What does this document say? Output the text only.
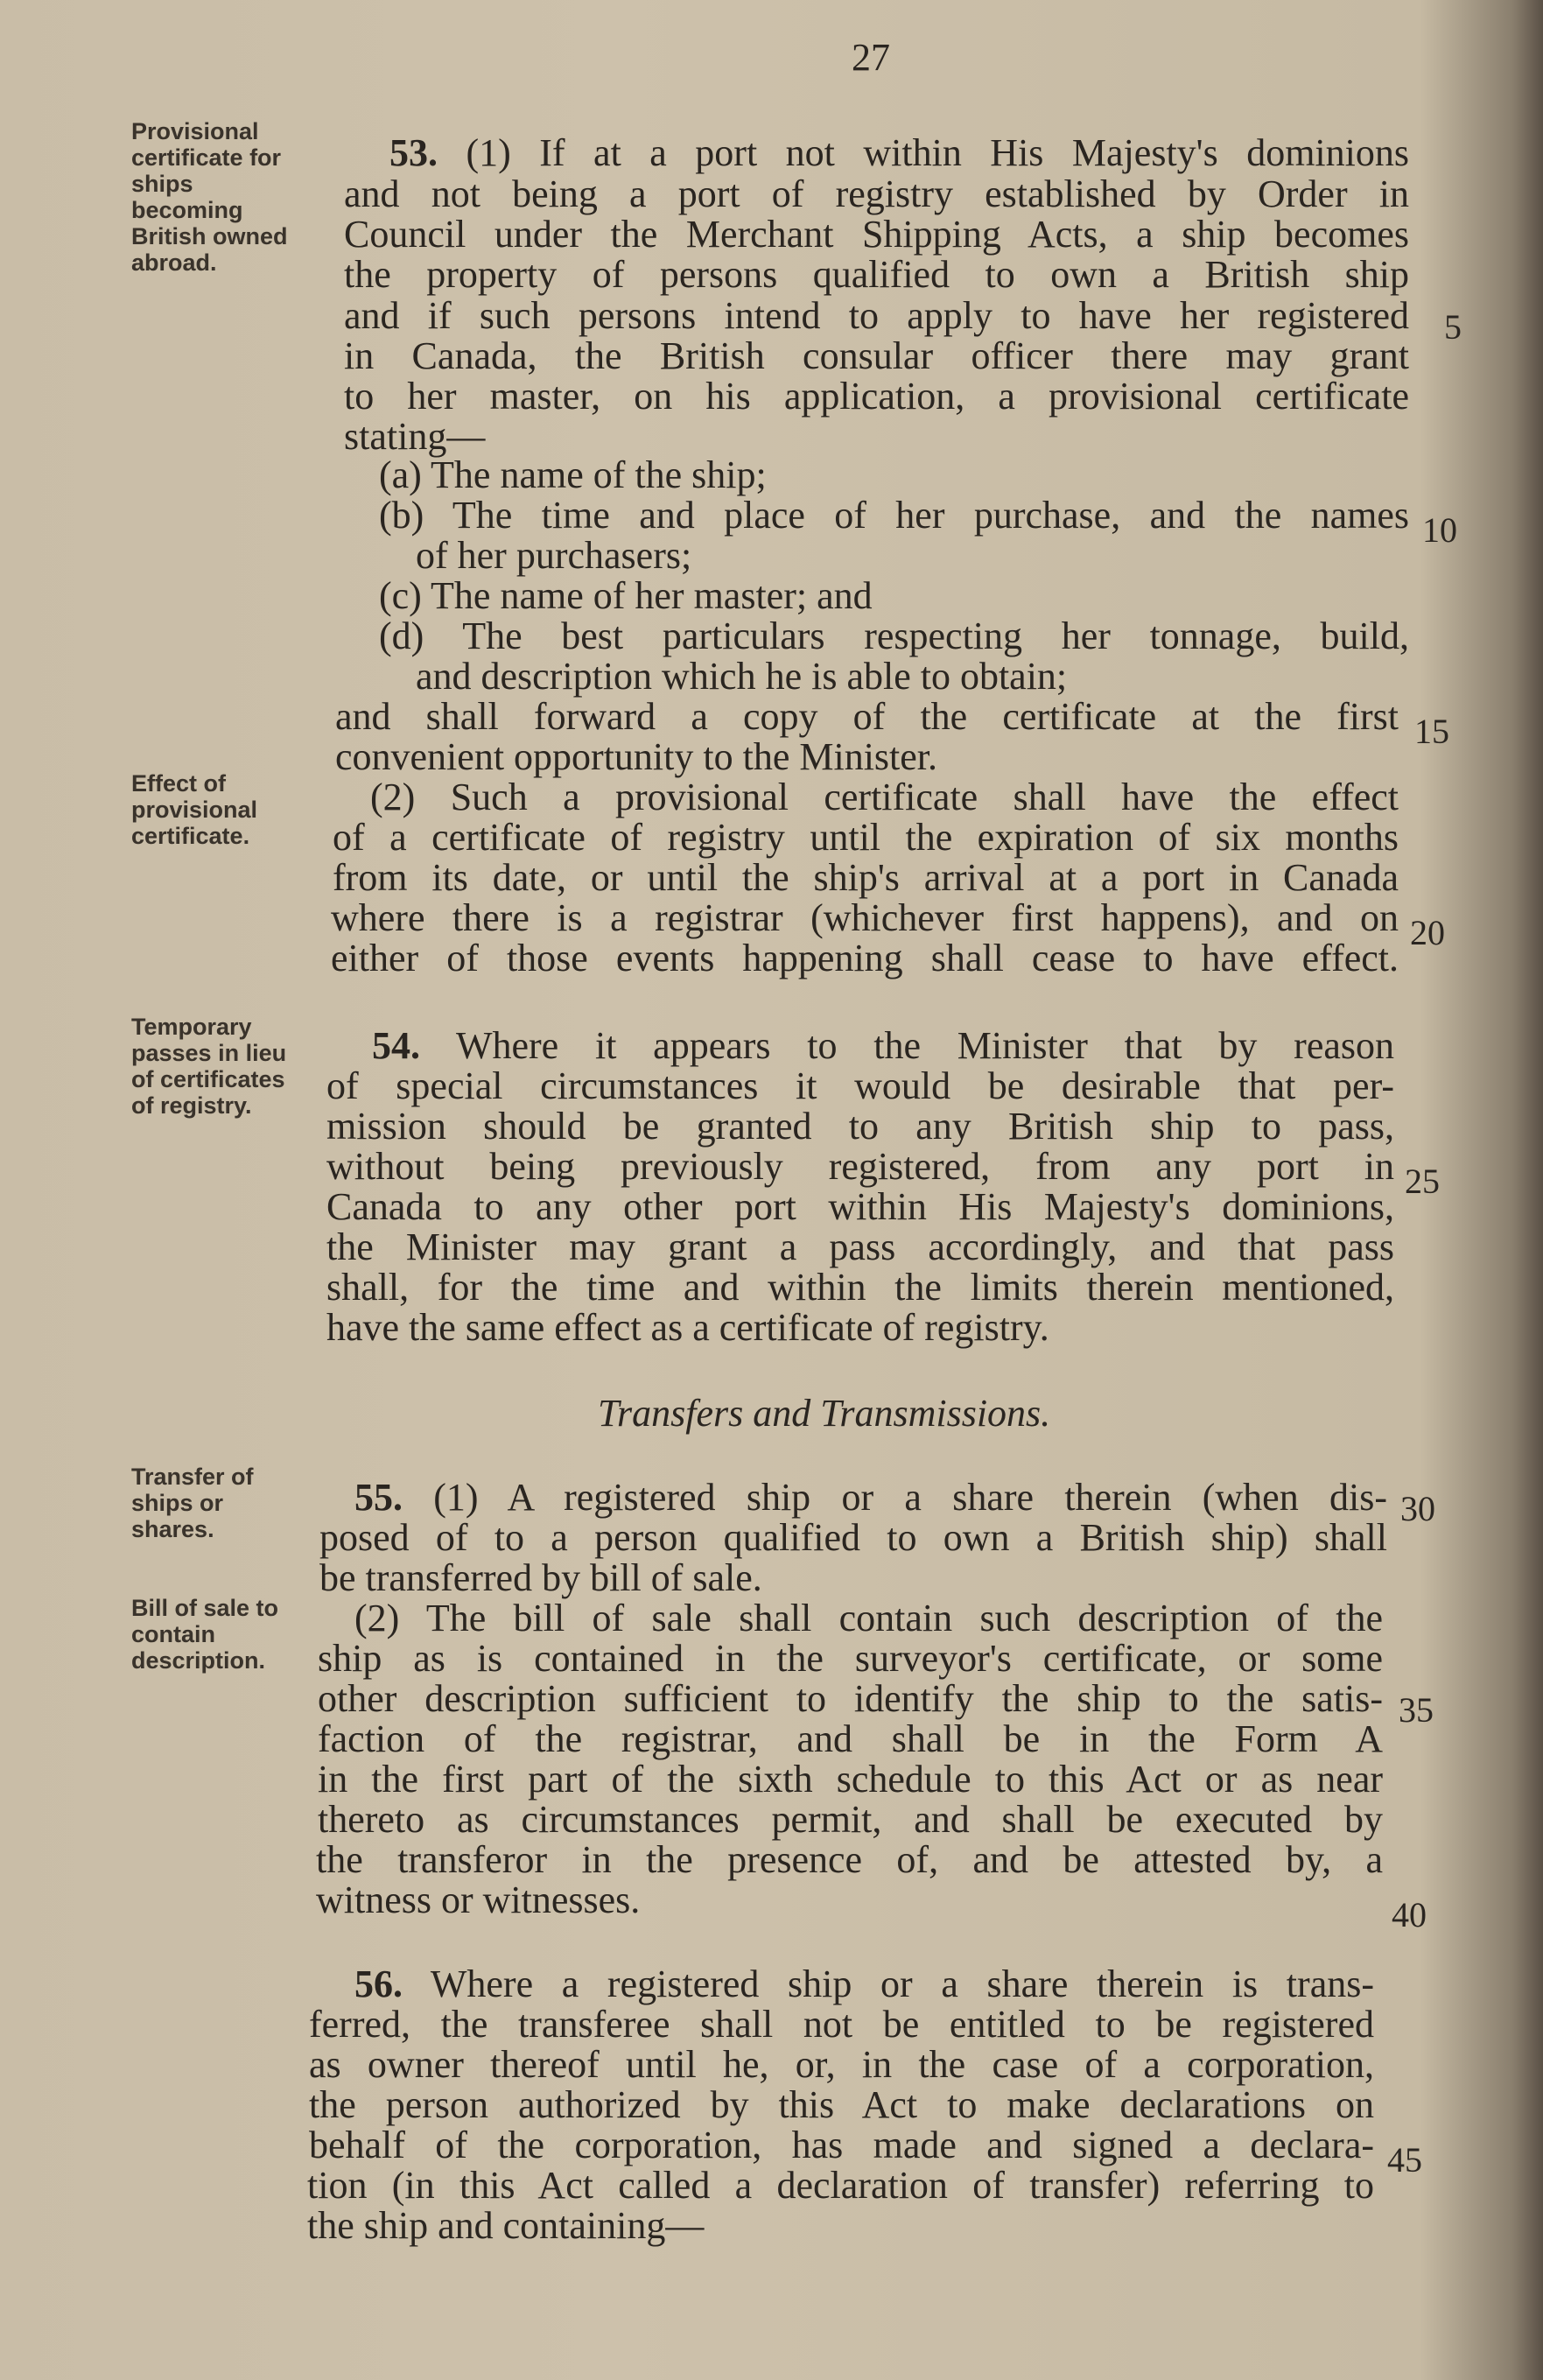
27
Provisional certificate for ships becoming British owned abroad.
Effect of provisional certificate.
Temporary passes in lieu of certificates of registry.
Transfer of ships or shares.
Bill of sale to contain description.
53. (1) If at a port not within His Majesty's dominions
and not being a port of registry established by Order in
Council under the Merchant Shipping Acts, a ship becomes
the property of persons qualified to own a British ship
and if such persons intend to apply to have her registered
in Canada, the British consular officer there may grant
to her master, on his application, a provisional certificate
stating—
(a) The name of the ship;
(b) The time and place of her purchase, and the names
of her purchasers;
(c) The name of her master; and
(d) The best particulars respecting her tonnage, build,
and description which he is able to obtain;
and shall forward a copy of the certificate at the first
convenient opportunity to the Minister.
(2) Such a provisional certificate shall have the effect
of a certificate of registry until the expiration of six months
from its date, or until the ship's arrival at a port in Canada
where there is a registrar (whichever first happens), and on
either of those events happening shall cease to have effect.
54. Where it appears to the Minister that by reason
of special circumstances it would be desirable that per-
mission should be granted to any British ship to pass,
without being previously registered, from any port in
Canada to any other port within His Majesty's dominions,
the Minister may grant a pass accordingly, and that pass
shall, for the time and within the limits therein mentioned,
have the same effect as a certificate of registry.
Transfers and Transmissions.
55. (1) A registered ship or a share therein (when dis-
posed of to a person qualified to own a British ship) shall
be transferred by bill of sale.
(2) The bill of sale shall contain such description of the
ship as is contained in the surveyor's certificate, or some
other description sufficient to identify the ship to the satis-
faction of the registrar, and shall be in the Form A
in the first part of the sixth schedule to this Act or as near
thereto as circumstances permit, and shall be executed by
the transferor in the presence of, and be attested by, a
witness or witnesses.
56. Where a registered ship or a share therein is trans-
ferred, the transferee shall not be entitled to be registered
as owner thereof until he, or, in the case of a corporation,
the person authorized by this Act to make declarations on
behalf of the corporation, has made and signed a declara-
tion (in this Act called a declaration of transfer) referring to
the ship and containing—
5
10
15
20
25
30
35
40
45
